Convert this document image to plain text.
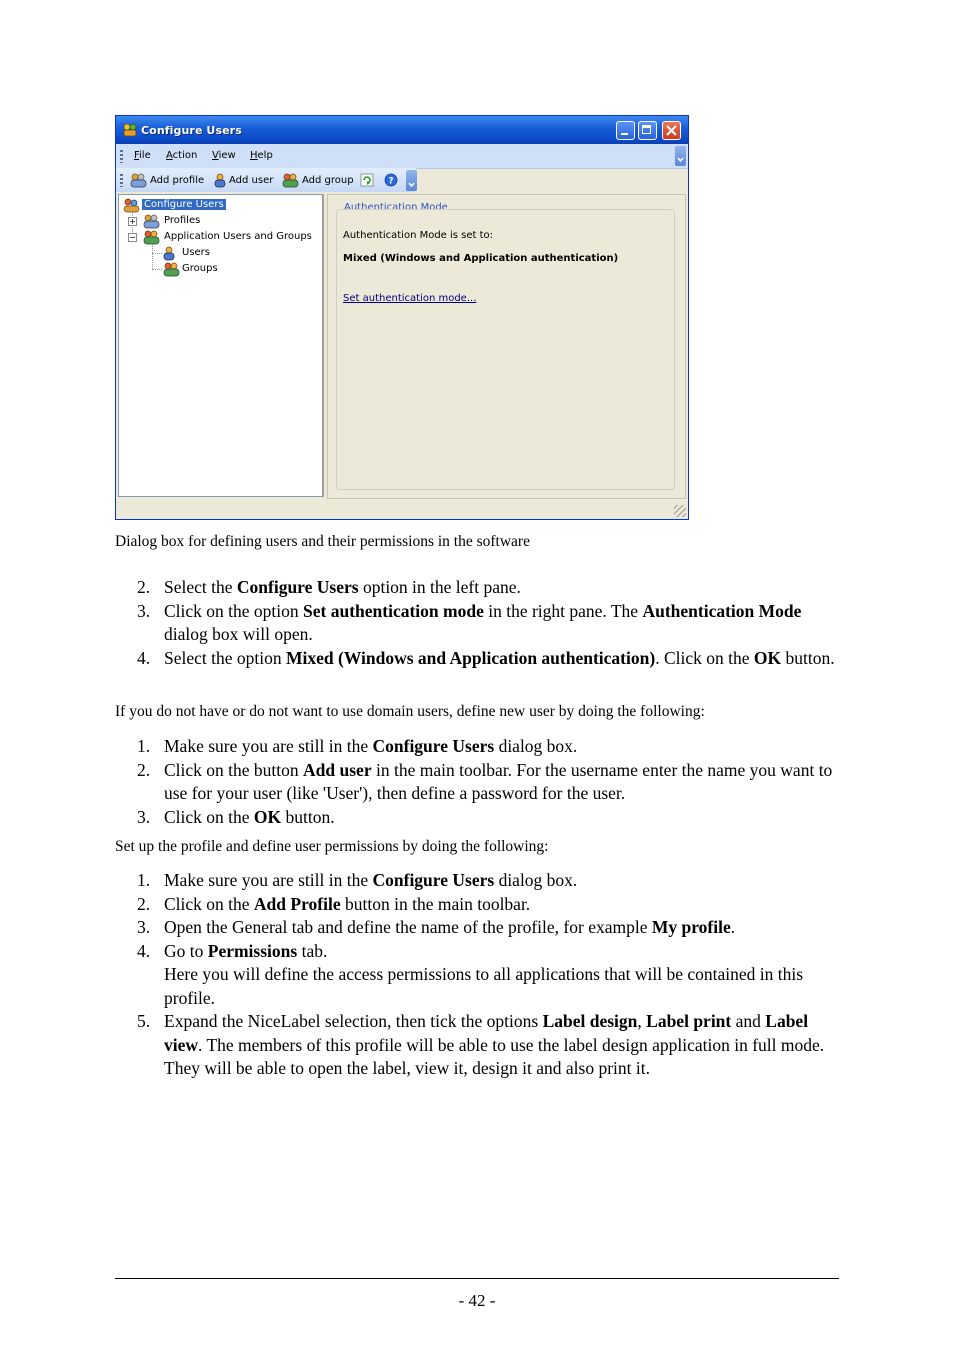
Configure Users
File Action View Help
Add profile	Add user	Add group	?
Configure Users
+	Profiles
−	Application Users and Groups
Users
Groups
Authentication Mode
Authentication Mode is set to:
Mixed (Windows and Application authentication)
Set authentication mode...
Dialog box for defining users and their permissions in the software
2. Select the Configure Users option in the left pane.
3. Click on the option Set authentication mode in the right pane. The Authentication Mode dialog box will open.
4. Select the option Mixed (Windows and Application authentication). Click on the OK button.
If you do not have or do not want to use domain users, define new user by doing the following:
1. Make sure you are still in the Configure Users dialog box.
2. Click on the button Add user in the main toolbar. For the username enter the name you want to use for your user (like 'User'), then define a password for the user.
3. Click on the OK button.
Set up the profile and define user permissions by doing the following:
1. Make sure you are still in the Configure Users dialog box.
2. Click on the Add Profile button in the main toolbar.
3. Open the General tab and define the name of the profile, for example My profile.
4. Go to Permissions tab.
Here you will define the access permissions to all applications that will be contained in this profile.
5. Expand the NiceLabel selection, then tick the options Label design, Label print and Label view. The members of this profile will be able to use the label design application in full mode. They will be able to open the label, view it, design it and also print it.
- 42 -
